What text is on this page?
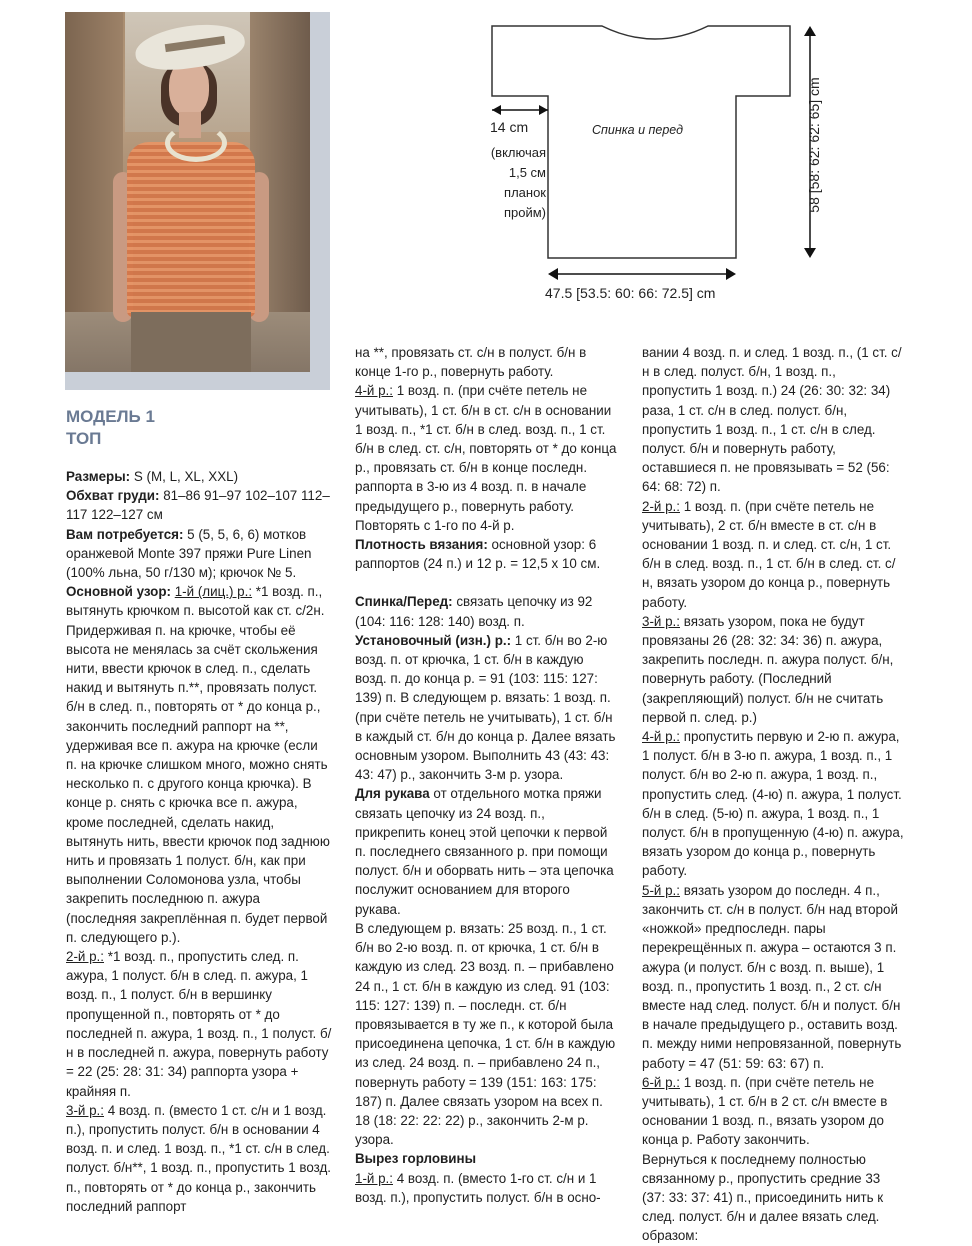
Спинка и перед
14 cm
(включая
1,5 см
планок
пройм)
47.5 [53.5: 60: 66: 72.5] cm
58 [58: 62: 62: 65] cm
МОДЕЛЬ 1
ТОП

Размеры: S (M, L, XL, XXL)

Обхват груди: 81–86 91–97 102–107 112–117 122–127 см

Вам потребуется: 5 (5, 5, 6, 6) мотков оранжевой Monte 397 пряжи Pure Linen (100% льна, 50 г/130 м); крючок № 5.

Основной узор: 1-й (лиц.) р.: *1 возд. п., вытянуть крючком п. высотой как ст. с/2н. Придерживая п. на крючке, чтобы её высота не менялась за счёт скольжения нити, ввести крючок в след. п., сделать накид и вытянуть п.**, провязать полуст. б/н в след. п., повторять от * до конца р., закончить последний раппорт на **, удерживая все п. ажура на крючке (если п. на крючке слишком много, можно снять несколько п. с другого конца крючка). В конце р. снять с крючка все п. ажура, кроме последней, сделать накид, вытянуть нить, ввести крючок под заднюю нить и провязать 1 полуст. б/н, как при выполнении Соломонова узла, чтобы закрепить последнюю п. ажура (последняя закреплённая п. будет первой п. следующего р.).

2-й р.: *1 возд. п., пропустить след. п. ажура, 1 полуст. б/н в след. п. ажура, 1 возд. п., 1 полуст. б/н в вершинку пропущенной п., повторять от * до последней п. ажура, 1 возд. п., 1 полуст. б/н в последней п. ажура, повернуть работу = 22 (25: 28: 31: 34) раппорта узора + крайняя п.

3-й р.: 4 возд. п. (вместо 1 ст. с/н и 1 возд. п.), пропустить полуст. б/н в основании 4 возд. п. и след. 1 возд. п., *1 ст. с/н в след. полуст. б/н**, 1 возд. п., пропустить 1 возд. п., повторять от * до конца р., закончить последний раппорт

на **, провязать ст. с/н в полуст. б/н в конце 1-го р., повернуть работу.

4-й р.: 1 возд. п. (при счёте петель не учитывать), 1 ст. б/н в ст. с/н в основании 1 возд. п., *1 ст. б/н в след. возд. п., 1 ст. б/н в след. ст. с/н, повторять от * до конца р., провязать ст. б/н в конце последн. раппорта в 3-ю из 4 возд. п. в начале предыдущего р., повернуть работу.

Повторять с 1-го по 4-й р.

Плотность вязания: основной узор: 6 раппортов (24 п.) и 12 р. = 12,5 х 10 см.

Спинка/Перед: связать цепочку из 92 (104: 116: 128: 140) возд. п.

Установочный (изн.) р.: 1 ст. б/н во 2-ю возд. п. от крючка, 1 ст. б/н в каждую возд. п. до конца р. = 91 (103: 115: 127: 139) п. В следующем р. вязать: 1 возд. п. (при счёте петель не учитывать), 1 ст. б/н в каждый ст. б/н до конца р. Далее вязать основным узором. Выполнить 43 (43: 43: 43: 47) р., закончить 3-м р. узора.

Для рукава от отдельного мотка пряжи связать цепочку из 24 возд. п., прикрепить конец этой цепочки к первой п. последнего связанного р. при помощи полуст. б/н и оборвать нить – эта цепочка послужит основанием для второго рукава.

В следующем р. вязать: 25 возд. п., 1 ст. б/н во 2-ю возд. п. от крючка, 1 ст. б/н в каждую из след. 23 возд. п. – прибавлено 24 п., 1 ст. б/н в каждую из след. 91 (103: 115: 127: 139) п. – последн. ст. б/н провязывается в ту же п., к которой была присоединена цепочка, 1 ст. б/н в каждую из след. 24 возд. п. – прибавлено 24 п., повернуть работу = 139 (151: 163: 175: 187) п. Далее связать узором на всех п. 18 (18: 22: 22: 22) р., закончить 2-м р. узора.

Вырез горловины

1-й р.: 4 возд. п. (вместо 1-го ст. с/н и 1 возд. п.), пропустить полуст. б/н в осно-

вании 4 возд. п. и след. 1 возд. п., (1 ст. с/н в след. полуст. б/н, 1 возд. п., пропустить 1 возд. п.) 24 (26: 30: 32: 34) раза, 1 ст. с/н в след. полуст. б/н, пропустить 1 возд. п., 1 ст. с/н в след. полуст. б/н и повернуть работу, оставшиеся п. не провязывать = 52 (56: 64: 68: 72) п.

2-й р.: 1 возд. п. (при счёте петель не учитывать), 2 ст. б/н вместе в ст. с/н в основании 1 возд. п. и след. ст. с/н, 1 ст. б/н в след. возд. п., 1 ст. б/н в след. ст. с/н, вязать узором до конца р., повернуть работу.

3-й р.: вязать узором, пока не будут провязаны 26 (28: 32: 34: 36) п. ажура, закрепить последн. п. ажура полуст. б/н, повернуть работу. (Последний (закрепляющий) полуст. б/н не считать первой п. след. р.)

4-й р.: пропустить первую и 2-ю п. ажура, 1 полуст. б/н в 3-ю п. ажура, 1 возд. п., 1 полуст. б/н во 2-ю п. ажура, 1 возд. п., пропустить след. (4-ю) п. ажура, 1 полуст. б/н в след. (5-ю) п. ажура, 1 возд. п., 1 полуст. б/н в пропущенную (4-ю) п. ажура, вязать узором до конца р., повернуть работу.

5-й р.: вязать узором до последн. 4 п., закончить ст. с/н в полуст. б/н над второй «ножкой» предпоследн. пары перекрещённых п. ажура – остаются 3 п. ажура (и полуст. б/н с возд. п. выше), 1 возд. п., пропустить 1 возд. п., 2 ст. с/н вместе над след. полуст. б/н и полуст. б/н в начале предыдущего р., оставить возд. п. между ними непровязанной, повернуть работу = 47 (51: 59: 63: 67) п.

6-й р.: 1 возд. п. (при счёте петель не учитывать), 1 ст. б/н в 2 ст. с/н вместе в основании 1 возд. п., вязать узором до конца р. Работу закончить.

Вернуться к последнему полностью связанному р., пропустить средние 33 (37: 33: 37: 41) п., присоединить нить к след. полуст. б/н и далее вязать след. образом:
